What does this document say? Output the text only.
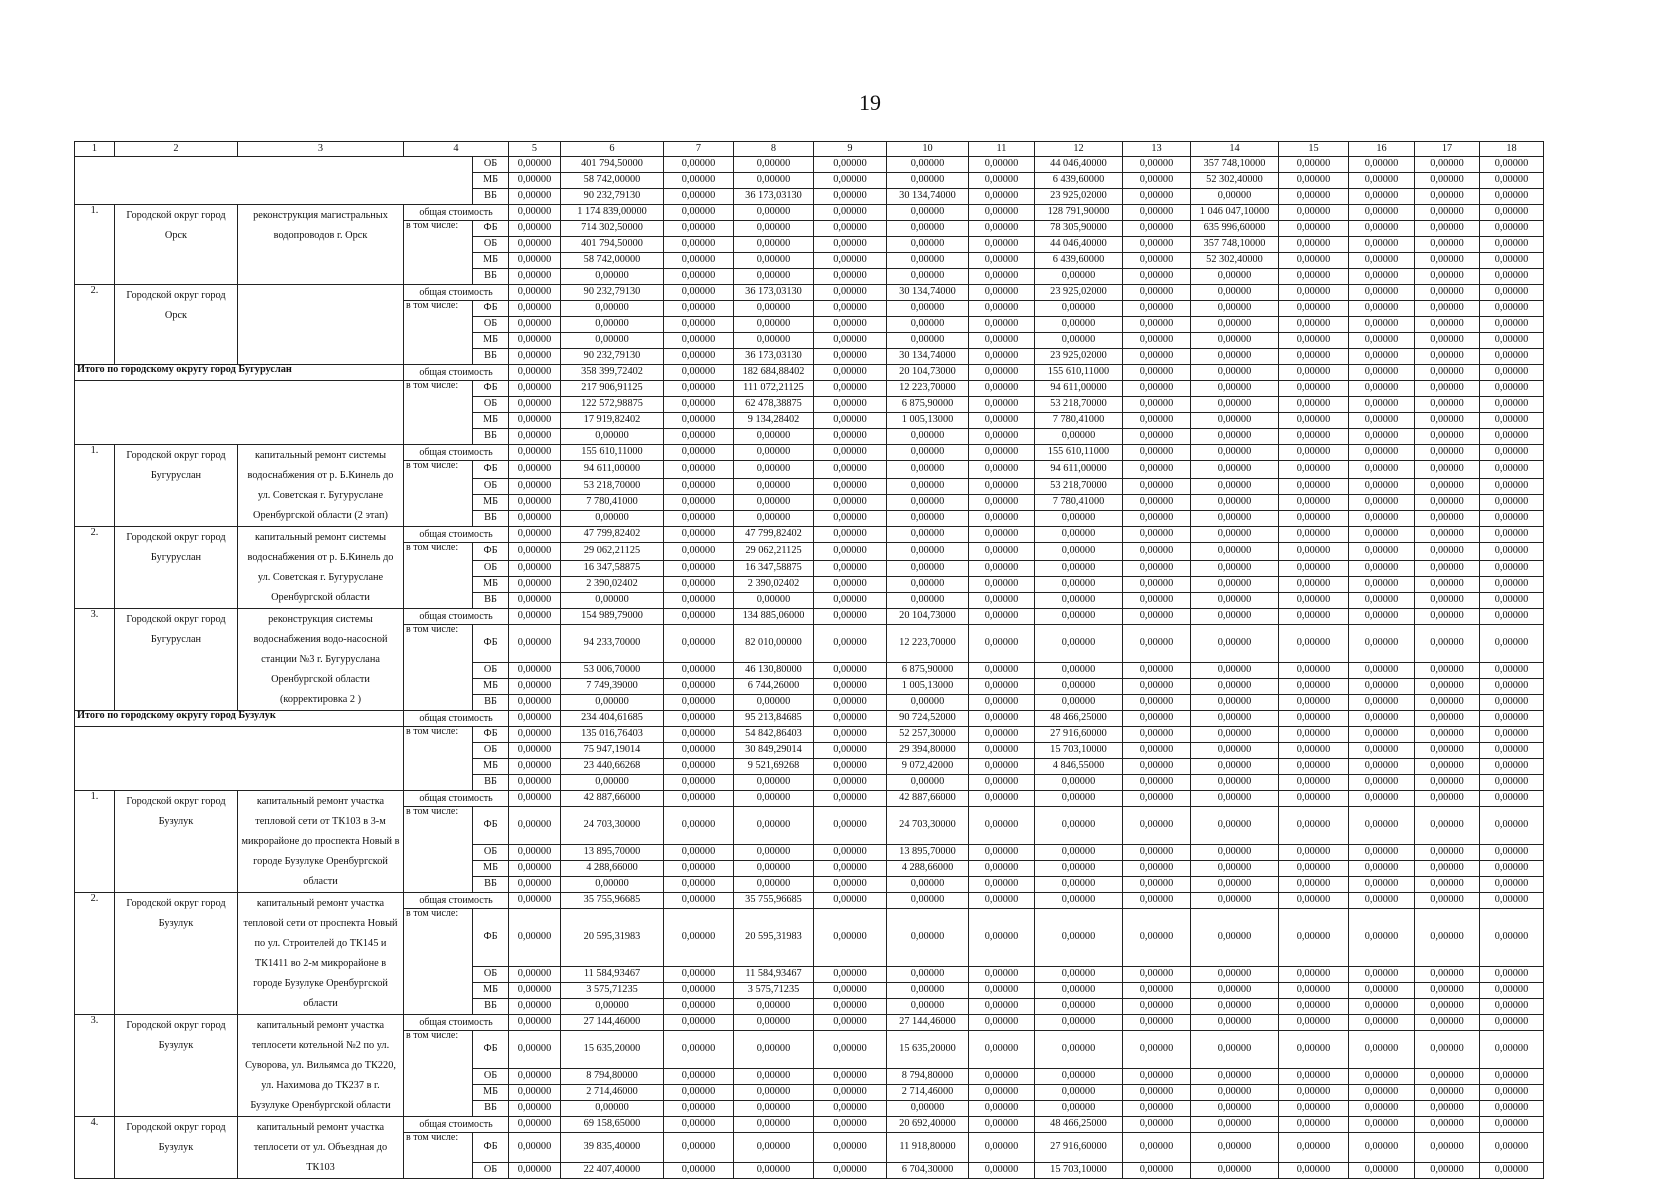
19
1	2	3	4		5	6	7	8	9	10	11	12	13	14	15	16	17	18
				ОБ	0,00000	401 794,50000	0,00000	0,00000	0,00000	0,00000	0,00000	44 046,40000	0,00000	357 748,10000	0,00000	0,00000	0,00000	0,00000
				МБ	0,00000	58 742,00000	0,00000	0,00000	0,00000	0,00000	0,00000	6 439,60000	0,00000	52 302,40000	0,00000	0,00000	0,00000	0,00000
				ВБ	0,00000	90 232,79130	0,00000	36 173,03130	0,00000	30 134,74000	0,00000	23 925,02000	0,00000	0,00000	0,00000	0,00000	0,00000	0,00000
1.	Городской округ город Орск	реконструкция магистральных водопроводов г. Орск	общая стоимость		0,00000	1 174 839,00000	0,00000	0,00000	0,00000	0,00000	0,00000	128 791,90000	0,00000	1 046 047,10000	0,00000	0,00000	0,00000	0,00000
			в том числе:	ФБ	0,00000	714 302,50000	0,00000	0,00000	0,00000	0,00000	0,00000	78 305,90000	0,00000	635 996,60000	0,00000	0,00000	0,00000	0,00000
				ОБ	0,00000	401 794,50000	0,00000	0,00000	0,00000	0,00000	0,00000	44 046,40000	0,00000	357 748,10000	0,00000	0,00000	0,00000	0,00000
				МБ	0,00000	58 742,00000	0,00000	0,00000	0,00000	0,00000	0,00000	6 439,60000	0,00000	52 302,40000	0,00000	0,00000	0,00000	0,00000
				ВБ	0,00000	0,00000	0,00000	0,00000	0,00000	0,00000	0,00000	0,00000	0,00000	0,00000	0,00000	0,00000	0,00000	0,00000
2.	Городской округ город Орск		общая стоимость		0,00000	90 232,79130	0,00000	36 173,03130	0,00000	30 134,74000	0,00000	23 925,02000	0,00000	0,00000	0,00000	0,00000	0,00000	0,00000
			в том числе:	ФБ	0,00000	0,00000	0,00000	0,00000	0,00000	0,00000	0,00000	0,00000	0,00000	0,00000	0,00000	0,00000	0,00000	0,00000
				ОБ	0,00000	0,00000	0,00000	0,00000	0,00000	0,00000	0,00000	0,00000	0,00000	0,00000	0,00000	0,00000	0,00000	0,00000
				МБ	0,00000	0,00000	0,00000	0,00000	0,00000	0,00000	0,00000	0,00000	0,00000	0,00000	0,00000	0,00000	0,00000	0,00000
				ВБ	0,00000	90 232,79130	0,00000	36 173,03130	0,00000	30 134,74000	0,00000	23 925,02000	0,00000	0,00000	0,00000	0,00000	0,00000	0,00000
Итого по городскому округу город Бугуруслан			общая стоимость		0,00000	358 399,72402	0,00000	182 684,88402	0,00000	20 104,73000	0,00000	155 610,11000	0,00000	0,00000	0,00000	0,00000	0,00000	0,00000
			в том числе:	ФБ	0,00000	217 906,91125	0,00000	111 072,21125	0,00000	12 223,70000	0,00000	94 611,00000	0,00000	0,00000	0,00000	0,00000	0,00000	0,00000
				ОБ	0,00000	122 572,98875	0,00000	62 478,38875	0,00000	6 875,90000	0,00000	53 218,70000	0,00000	0,00000	0,00000	0,00000	0,00000	0,00000
				МБ	0,00000	17 919,82402	0,00000	9 134,28402	0,00000	1 005,13000	0,00000	7 780,41000	0,00000	0,00000	0,00000	0,00000	0,00000	0,00000
				ВБ	0,00000	0,00000	0,00000	0,00000	0,00000	0,00000	0,00000	0,00000	0,00000	0,00000	0,00000	0,00000	0,00000	0,00000
1.	Городской округ город Бугуруслан	капитальный ремонт системы водоснабжения от р. Б.Кинель до ул. Советская г. Бугуруслане Оренбургской области (2 этап)	общая стоимость		0,00000	155 610,11000	0,00000	0,00000	0,00000	0,00000	0,00000	155 610,11000	0,00000	0,00000	0,00000	0,00000	0,00000	0,00000
			в том числе:	ФБ	0,00000	94 611,00000	0,00000	0,00000	0,00000	0,00000	0,00000	94 611,00000	0,00000	0,00000	0,00000	0,00000	0,00000	0,00000
				ОБ	0,00000	53 218,70000	0,00000	0,00000	0,00000	0,00000	0,00000	53 218,70000	0,00000	0,00000	0,00000	0,00000	0,00000	0,00000
				МБ	0,00000	7 780,41000	0,00000	0,00000	0,00000	0,00000	0,00000	7 780,41000	0,00000	0,00000	0,00000	0,00000	0,00000	0,00000
				ВБ	0,00000	0,00000	0,00000	0,00000	0,00000	0,00000	0,00000	0,00000	0,00000	0,00000	0,00000	0,00000	0,00000	0,00000
2.	Городской округ город Бугуруслан	капитальный ремонт системы водоснабжения от р. Б.Кинель до ул. Советская г. Бугуруслане Оренбургской области	общая стоимость		0,00000	47 799,82402	0,00000	47 799,82402	0,00000	0,00000	0,00000	0,00000	0,00000	0,00000	0,00000	0,00000	0,00000	0,00000
			в том числе:	ФБ	0,00000	29 062,21125	0,00000	29 062,21125	0,00000	0,00000	0,00000	0,00000	0,00000	0,00000	0,00000	0,00000	0,00000	0,00000
				ОБ	0,00000	16 347,58875	0,00000	16 347,58875	0,00000	0,00000	0,00000	0,00000	0,00000	0,00000	0,00000	0,00000	0,00000	0,00000
				МБ	0,00000	2 390,02402	0,00000	2 390,02402	0,00000	0,00000	0,00000	0,00000	0,00000	0,00000	0,00000	0,00000	0,00000	0,00000
				ВБ	0,00000	0,00000	0,00000	0,00000	0,00000	0,00000	0,00000	0,00000	0,00000	0,00000	0,00000	0,00000	0,00000	0,00000
3.	Городской округ город Бугуруслан	реконструкция системы водоснабжения водо-насосной станции №3 г. Бугуруслана Оренбургской области (корректировка 2 )	общая стоимость		0,00000	154 989,79000	0,00000	134 885,06000	0,00000	20 104,73000	0,00000	0,00000	0,00000	0,00000	0,00000	0,00000	0,00000	0,00000
			в том числе:	ФБ	0,00000	94 233,70000	0,00000	82 010,00000	0,00000	12 223,70000	0,00000	0,00000	0,00000	0,00000	0,00000	0,00000	0,00000	0,00000
				ОБ	0,00000	53 006,70000	0,00000	46 130,80000	0,00000	6 875,90000	0,00000	0,00000	0,00000	0,00000	0,00000	0,00000	0,00000	0,00000
				МБ	0,00000	7 749,39000	0,00000	6 744,26000	0,00000	1 005,13000	0,00000	0,00000	0,00000	0,00000	0,00000	0,00000	0,00000	0,00000
				ВБ	0,00000	0,00000	0,00000	0,00000	0,00000	0,00000	0,00000	0,00000	0,00000	0,00000	0,00000	0,00000	0,00000	0,00000
Итого по городскому округу город Бузулук			общая стоимость		0,00000	234 404,61685	0,00000	95 213,84685	0,00000	90 724,52000	0,00000	48 466,25000	0,00000	0,00000	0,00000	0,00000	0,00000	0,00000
			в том числе:	ФБ	0,00000	135 016,76403	0,00000	54 842,86403	0,00000	52 257,30000	0,00000	27 916,60000	0,00000	0,00000	0,00000	0,00000	0,00000	0,00000
				ОБ	0,00000	75 947,19014	0,00000	30 849,29014	0,00000	29 394,80000	0,00000	15 703,10000	0,00000	0,00000	0,00000	0,00000	0,00000	0,00000
				МБ	0,00000	23 440,66268	0,00000	9 521,69268	0,00000	9 072,42000	0,00000	4 846,55000	0,00000	0,00000	0,00000	0,00000	0,00000	0,00000
				ВБ	0,00000	0,00000	0,00000	0,00000	0,00000	0,00000	0,00000	0,00000	0,00000	0,00000	0,00000	0,00000	0,00000	0,00000
1.	Городской округ город Бузулук	капитальный ремонт участка тепловой сети от ТК103 в 3-м микрорайоне до проспекта Новый в городе Бузулуке Оренбургской области	общая стоимость		0,00000	42 887,66000	0,00000	0,00000	0,00000	42 887,66000	0,00000	0,00000	0,00000	0,00000	0,00000	0,00000	0,00000	0,00000
			в том числе:	ФБ	0,00000	24 703,30000	0,00000	0,00000	0,00000	24 703,30000	0,00000	0,00000	0,00000	0,00000	0,00000	0,00000	0,00000	0,00000
				ОБ	0,00000	13 895,70000	0,00000	0,00000	0,00000	13 895,70000	0,00000	0,00000	0,00000	0,00000	0,00000	0,00000	0,00000	0,00000
				МБ	0,00000	4 288,66000	0,00000	0,00000	0,00000	4 288,66000	0,00000	0,00000	0,00000	0,00000	0,00000	0,00000	0,00000	0,00000
				ВБ	0,00000	0,00000	0,00000	0,00000	0,00000	0,00000	0,00000	0,00000	0,00000	0,00000	0,00000	0,00000	0,00000	0,00000
2.	Городской округ город Бузулук	капитальный ремонт участка тепловой сети от проспекта Новый по ул. Строителей до ТК145 и ТК1411 во 2-м микрорайоне в городе Бузулуке Оренбургской области	общая стоимость		0,00000	35 755,96685	0,00000	35 755,96685	0,00000	0,00000	0,00000	0,00000	0,00000	0,00000	0,00000	0,00000	0,00000	0,00000
			в том числе:	ФБ	0,00000	20 595,31983	0,00000	20 595,31983	0,00000	0,00000	0,00000	0,00000	0,00000	0,00000	0,00000	0,00000	0,00000	0,00000
				ОБ	0,00000	11 584,93467	0,00000	11 584,93467	0,00000	0,00000	0,00000	0,00000	0,00000	0,00000	0,00000	0,00000	0,00000	0,00000
				МБ	0,00000	3 575,71235	0,00000	3 575,71235	0,00000	0,00000	0,00000	0,00000	0,00000	0,00000	0,00000	0,00000	0,00000	0,00000
				ВБ	0,00000	0,00000	0,00000	0,00000	0,00000	0,00000	0,00000	0,00000	0,00000	0,00000	0,00000	0,00000	0,00000	0,00000
3.	Городской округ город Бузулук	капитальный ремонт участка теплосети котельной №2 по ул. Суворова, ул. Вильямса до ТК220, ул. Нахимова до ТК237 в г. Бузулуке Оренбургской области	общая стоимость		0,00000	27 144,46000	0,00000	0,00000	0,00000	27 144,46000	0,00000	0,00000	0,00000	0,00000	0,00000	0,00000	0,00000	0,00000
			в том числе:	ФБ	0,00000	15 635,20000	0,00000	0,00000	0,00000	15 635,20000	0,00000	0,00000	0,00000	0,00000	0,00000	0,00000	0,00000	0,00000
				ОБ	0,00000	8 794,80000	0,00000	0,00000	0,00000	8 794,80000	0,00000	0,00000	0,00000	0,00000	0,00000	0,00000	0,00000	0,00000
				МБ	0,00000	2 714,46000	0,00000	0,00000	0,00000	2 714,46000	0,00000	0,00000	0,00000	0,00000	0,00000	0,00000	0,00000	0,00000
				ВБ	0,00000	0,00000	0,00000	0,00000	0,00000	0,00000	0,00000	0,00000	0,00000	0,00000	0,00000	0,00000	0,00000	0,00000
4.	Городской округ город Бузулук	капитальный ремонт участка теплосети от ул. Объездная до ТК103	общая стоимость		0,00000	69 158,65000	0,00000	0,00000	0,00000	20 692,40000	0,00000	48 466,25000	0,00000	0,00000	0,00000	0,00000	0,00000	0,00000
			в том числе:	ФБ	0,00000	39 835,40000	0,00000	0,00000	0,00000	11 918,80000	0,00000	27 916,60000	0,00000	0,00000	0,00000	0,00000	0,00000	0,00000
				ОБ	0,00000	22 407,40000	0,00000	0,00000	0,00000	6 704,30000	0,00000	15 703,10000	0,00000	0,00000	0,00000	0,00000	0,00000	0,00000
